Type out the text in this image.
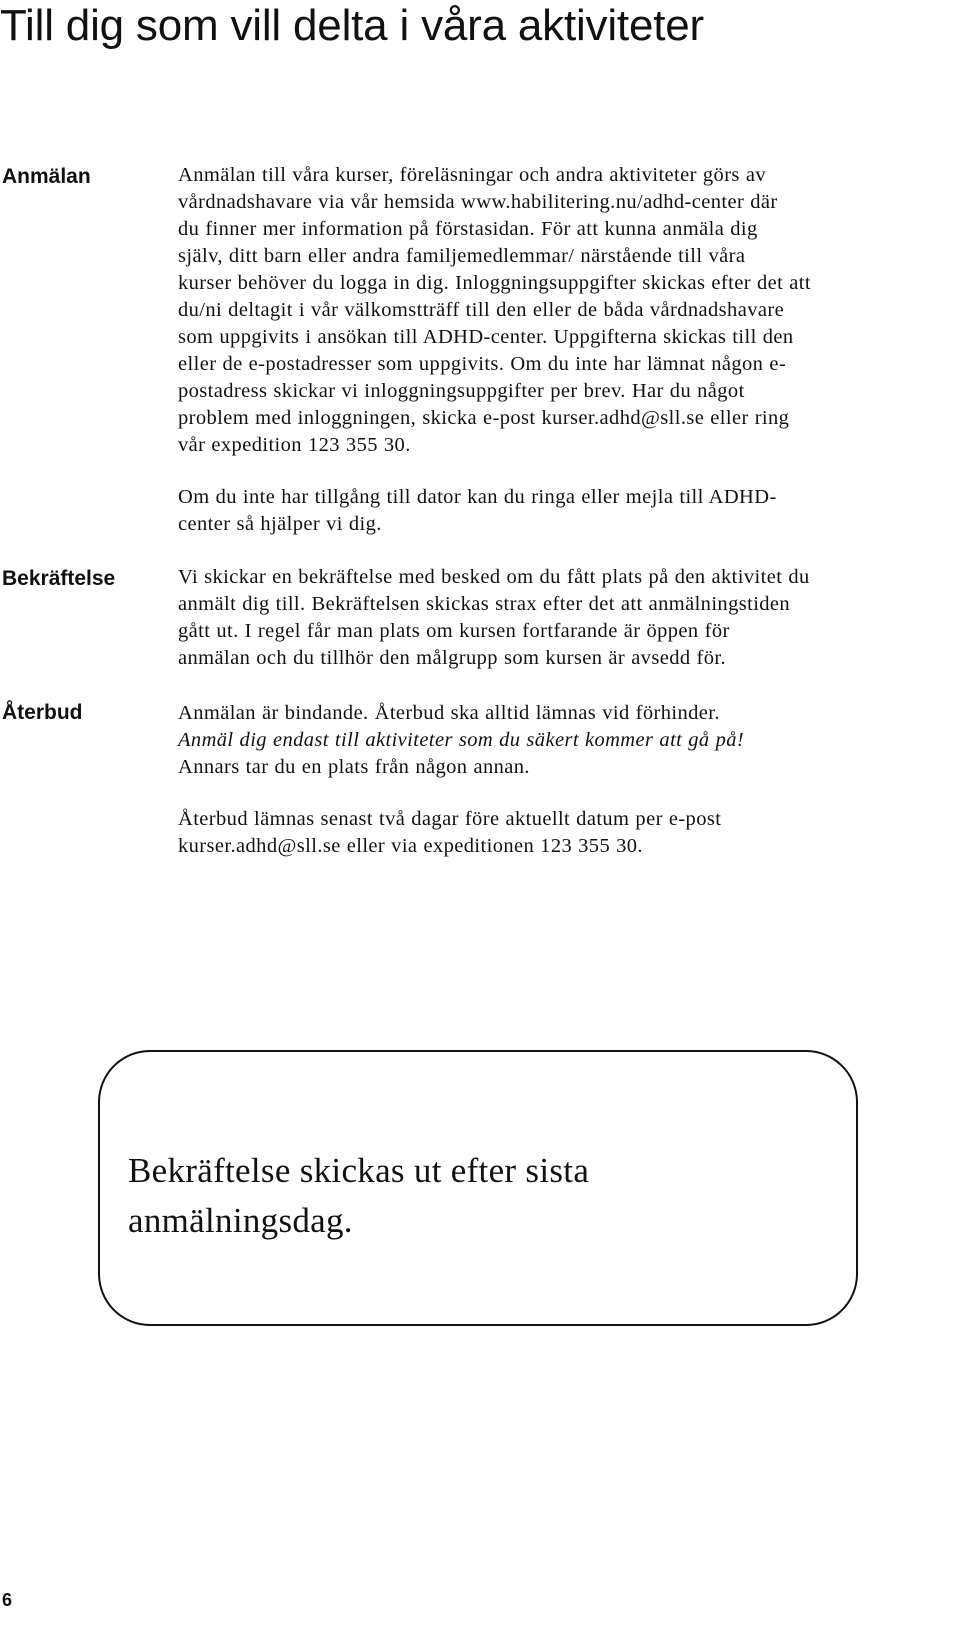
Till dig som vill delta i våra aktiviteter
Anmälan	Anmälan till våra kurser, föreläsningar och andra aktiviteter görs av
vårdnadshavare via vår hemsida www.habilitering.nu/adhd-center där
du finner mer information på förstasidan. För att kunna anmäla dig
själv, ditt barn eller andra familjemedlemmar/ närstående till våra
kurser behöver du logga in dig. Inloggningsuppgifter skickas efter det att
du/ni deltagit i vår välkomstträff till den eller de båda vårdnadshavare
som uppgivits i ansökan till ADHD-center. Uppgifterna skickas till den
eller de e-postadresser som uppgivits. Om du inte har lämnat någon e-
postadress skickar vi inloggningsuppgifter per brev. Har du något
problem med inloggningen, skicka e-post kurser.adhd@sll.se eller ring
vår expedition 123 355 30.

Om du inte har tillgång till dator kan du ringa eller mejla till ADHD-
center så hjälper vi dig.

Bekräftelse	Vi skickar en bekräftelse med besked om du fått plats på den aktivitet du
anmält dig till. Bekräftelsen skickas strax efter det att anmälningstiden
gått ut. I regel får man plats om kursen fortfarande är öppen för
anmälan och du tillhör den målgrupp som kursen är avsedd för.

Återbud	Anmälan är bindande. Återbud ska alltid lämnas vid förhinder.
Anmäl dig endast till aktiviteter som du säkert kommer att gå på!
Annars tar du en plats från någon annan.

Återbud lämnas senast två dagar före aktuellt datum per e-post
kurser.adhd@sll.se eller via expeditionen 123 355 30.

Bekräftelse skickas ut efter sista
anmälningsdag.

6
